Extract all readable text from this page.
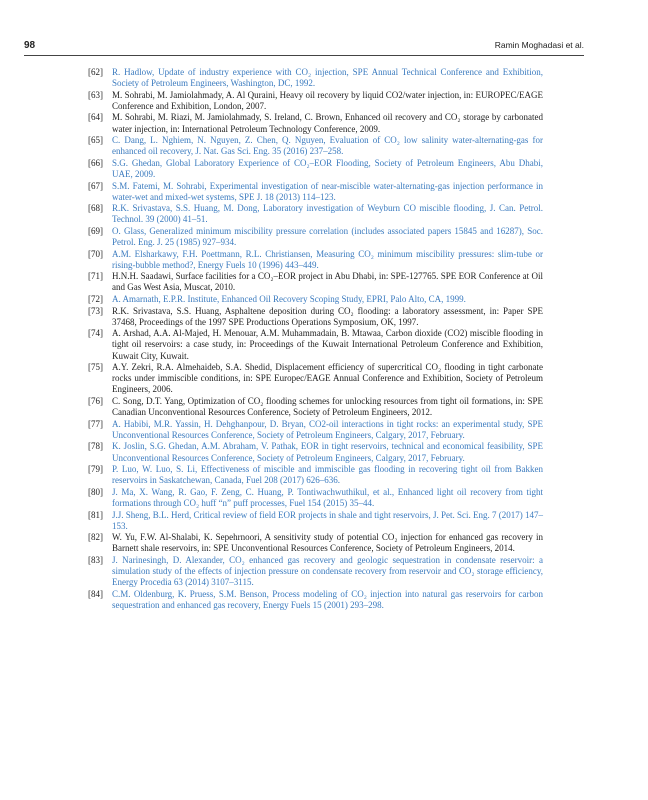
98	Ramin Moghadasi et al.
[62] R. Hadlow, Update of industry experience with CO₂ injection, SPE Annual Technical Conference and Exhibition, Society of Petroleum Engineers, Washington, DC, 1992.
[63] M. Sohrabi, M. Jamiolahmady, A. Al Quraini, Heavy oil recovery by liquid CO2/water injection, in: EUROPEC/EAGE Conference and Exhibition, London, 2007.
[64] M. Sohrabi, M. Riazi, M. Jamiolahmady, S. Ireland, C. Brown, Enhanced oil recovery and CO₂ storage by carbonated water injection, in: International Petroleum Technology Conference, 2009.
[65] C. Dang, L. Nghiem, N. Nguyen, Z. Chen, Q. Nguyen, Evaluation of CO₂ low salinity water-alternating-gas for enhanced oil recovery, J. Nat. Gas Sci. Eng. 35 (2016) 237–258.
[66] S.G. Ghedan, Global Laboratory Experience of CO₂–EOR Flooding, Society of Petroleum Engineers, Abu Dhabi, UAE, 2009.
[67] S.M. Fatemi, M. Sohrabi, Experimental investigation of near-miscible water-alternating-gas injection performance in water-wet and mixed-wet systems, SPE J. 18 (2013) 114–123.
[68] R.K. Srivastava, S.S. Huang, M. Dong, Laboratory investigation of Weyburn CO miscible flooding, J. Can. Petrol. Technol. 39 (2000) 41–51.
[69] O. Glass, Generalized minimum miscibility pressure correlation (includes associated papers 15845 and 16287), Soc. Petrol. Eng. J. 25 (1985) 927–934.
[70] A.M. Elsharkawy, F.H. Poettmann, R.L. Christiansen, Measuring CO₂ minimum miscibility pressures: slim-tube or rising-bubble method?, Energy Fuels 10 (1996) 443–449.
[71] H.N.H. Saadawi, Surface facilities for a CO₂–EOR project in Abu Dhabi, in: SPE-127765. SPE EOR Conference at Oil and Gas West Asia, Muscat, 2010.
[72] A. Amarnath, E.P.R. Institute, Enhanced Oil Recovery Scoping Study, EPRI, Palo Alto, CA, 1999.
[73] R.K. Srivastava, S.S. Huang, Asphaltene deposition during CO₂ flooding: a laboratory assessment, in: Paper SPE 37468, Proceedings of the 1997 SPE Productions Operations Symposium, OK, 1997.
[74] A. Arshad, A.A. Al-Majed, H. Menouar, A.M. Muhammadain, B. Mtawaa, Carbon dioxide (CO2) miscible flooding in tight oil reservoirs: a case study, in: Proceedings of the Kuwait International Petroleum Conference and Exhibition, Kuwait City, Kuwait.
[75] A.Y. Zekri, R.A. Almehaideb, S.A. Shedid, Displacement efficiency of supercritical CO₂ flooding in tight carbonate rocks under immiscible conditions, in: SPE Europec/EAGE Annual Conference and Exhibition, Society of Petroleum Engineers, 2006.
[76] C. Song, D.T. Yang, Optimization of CO₂ flooding schemes for unlocking resources from tight oil formations, in: SPE Canadian Unconventional Resources Conference, Society of Petroleum Engineers, 2012.
[77] A. Habibi, M.R. Yassin, H. Dehghanpour, D. Bryan, CO2-oil interactions in tight rocks: an experimental study, SPE Unconventional Resources Conference, Society of Petroleum Engineers, Calgary, 2017, February.
[78] K. Joslin, S.G. Ghedan, A.M. Abraham, V. Pathak, EOR in tight reservoirs, technical and economical feasibility, SPE Unconventional Resources Conference, Society of Petroleum Engineers, Calgary, 2017, February.
[79] P. Luo, W. Luo, S. Li, Effectiveness of miscible and immiscible gas flooding in recovering tight oil from Bakken reservoirs in Saskatchewan, Canada, Fuel 208 (2017) 626–636.
[80] J. Ma, X. Wang, R. Gao, F. Zeng, C. Huang, P. Tontiwachwuthikul, et al., Enhanced light oil recovery from tight formations through CO₂ huff “n” puff processes, Fuel 154 (2015) 35–44.
[81] J.J. Sheng, B.L. Herd, Critical review of field EOR projects in shale and tight reservoirs, J. Pet. Sci. Eng. 7 (2017) 147–153.
[82] W. Yu, F.W. Al-Shalabi, K. Sepehrnoori, A sensitivity study of potential CO₂ injection for enhanced gas recovery in Barnett shale reservoirs, in: SPE Unconventional Resources Conference, Society of Petroleum Engineers, 2014.
[83] J. Narinesingh, D. Alexander, CO₂ enhanced gas recovery and geologic sequestration in condensate reservoir: a simulation study of the effects of injection pressure on condensate recovery from reservoir and CO₂ storage efficiency, Energy Procedia 63 (2014) 3107–3115.
[84] C.M. Oldenburg, K. Pruess, S.M. Benson, Process modeling of CO₂ injection into natural gas reservoirs for carbon sequestration and enhanced gas recovery, Energy Fuels 15 (2001) 293–298.
